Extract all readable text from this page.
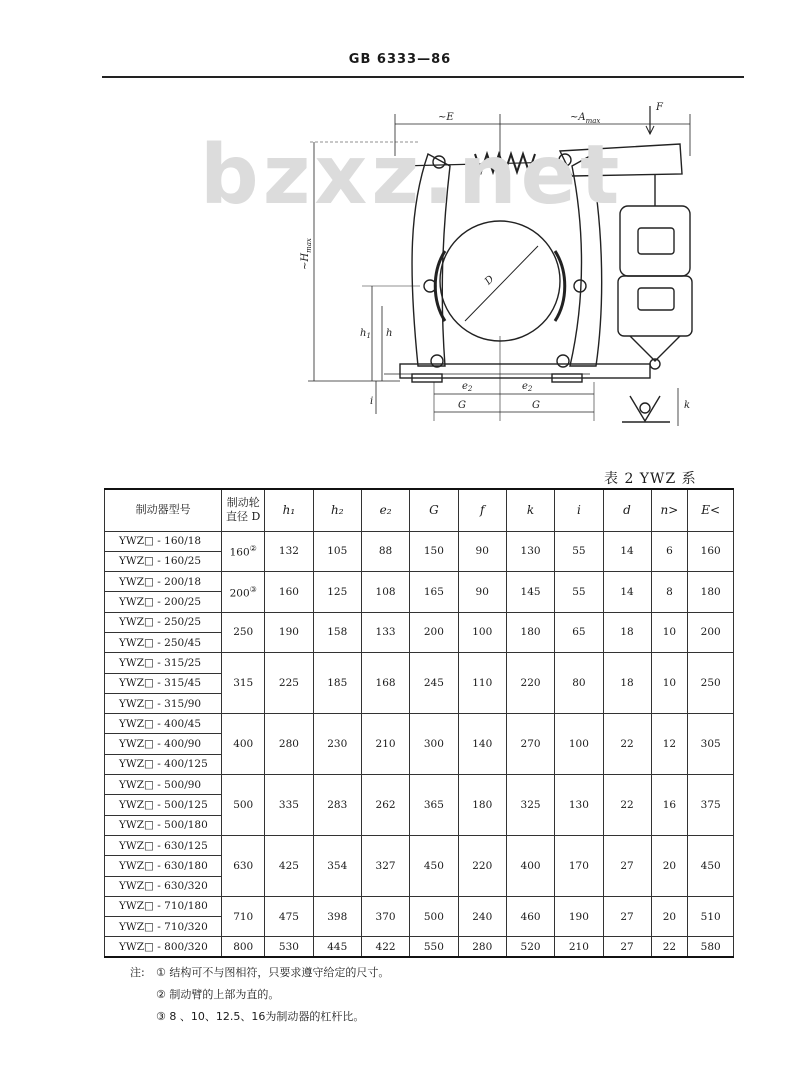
GB 6333—86
~E	$\sim A_{max}$
F
$\sim H_{max}$
D
$h_1$ h
i
$e_2$	$e_2$
G	G	k
bzxz.net
表 2 YWZ 系
制动器型号	制动轮
直径 D	h₁	h₂	e₂	G	f	k	i	d	n>	E<
YWZ□ - 160/18	160②	132	105	88	150	90	130	55	14	6	160
YWZ□ - 160/25											
YWZ□ - 200/18	200③	160	125	108	165	90	145	55	14	8	180
YWZ□ - 200/25											
YWZ□ - 250/25	250	190	158	133	200	100	180	65	18	10	200
YWZ□ - 250/45											
YWZ□ - 315/25	315	225	185	168	245	110	220	80	18	10	250
YWZ□ - 315/45											
YWZ□ - 315/90											
YWZ□ - 400/45	400	280	230	210	300	140	270	100	22	12	305
YWZ□ - 400/90											
YWZ□ - 400/125											
YWZ□ - 500/90	500	335	283	262	365	180	325	130	22	16	375
YWZ□ - 500/125											
YWZ□ - 500/180											
YWZ□ - 630/125	630	425	354	327	450	220	400	170	27	20	450
YWZ□ - 630/180											
YWZ□ - 630/320											
YWZ□ - 710/180	710	475	398	370	500	240	460	190	27	20	510
YWZ□ - 710/320											
YWZ□ - 800/320	800	530	445	422	550	280	520	210	27	22	580
注: ① 结构可不与图相符，只要求遵守给定的尺寸。
② 制动臂的上部为直的。
③ 8 、10、12.5、16为制动器的杠杆比。
